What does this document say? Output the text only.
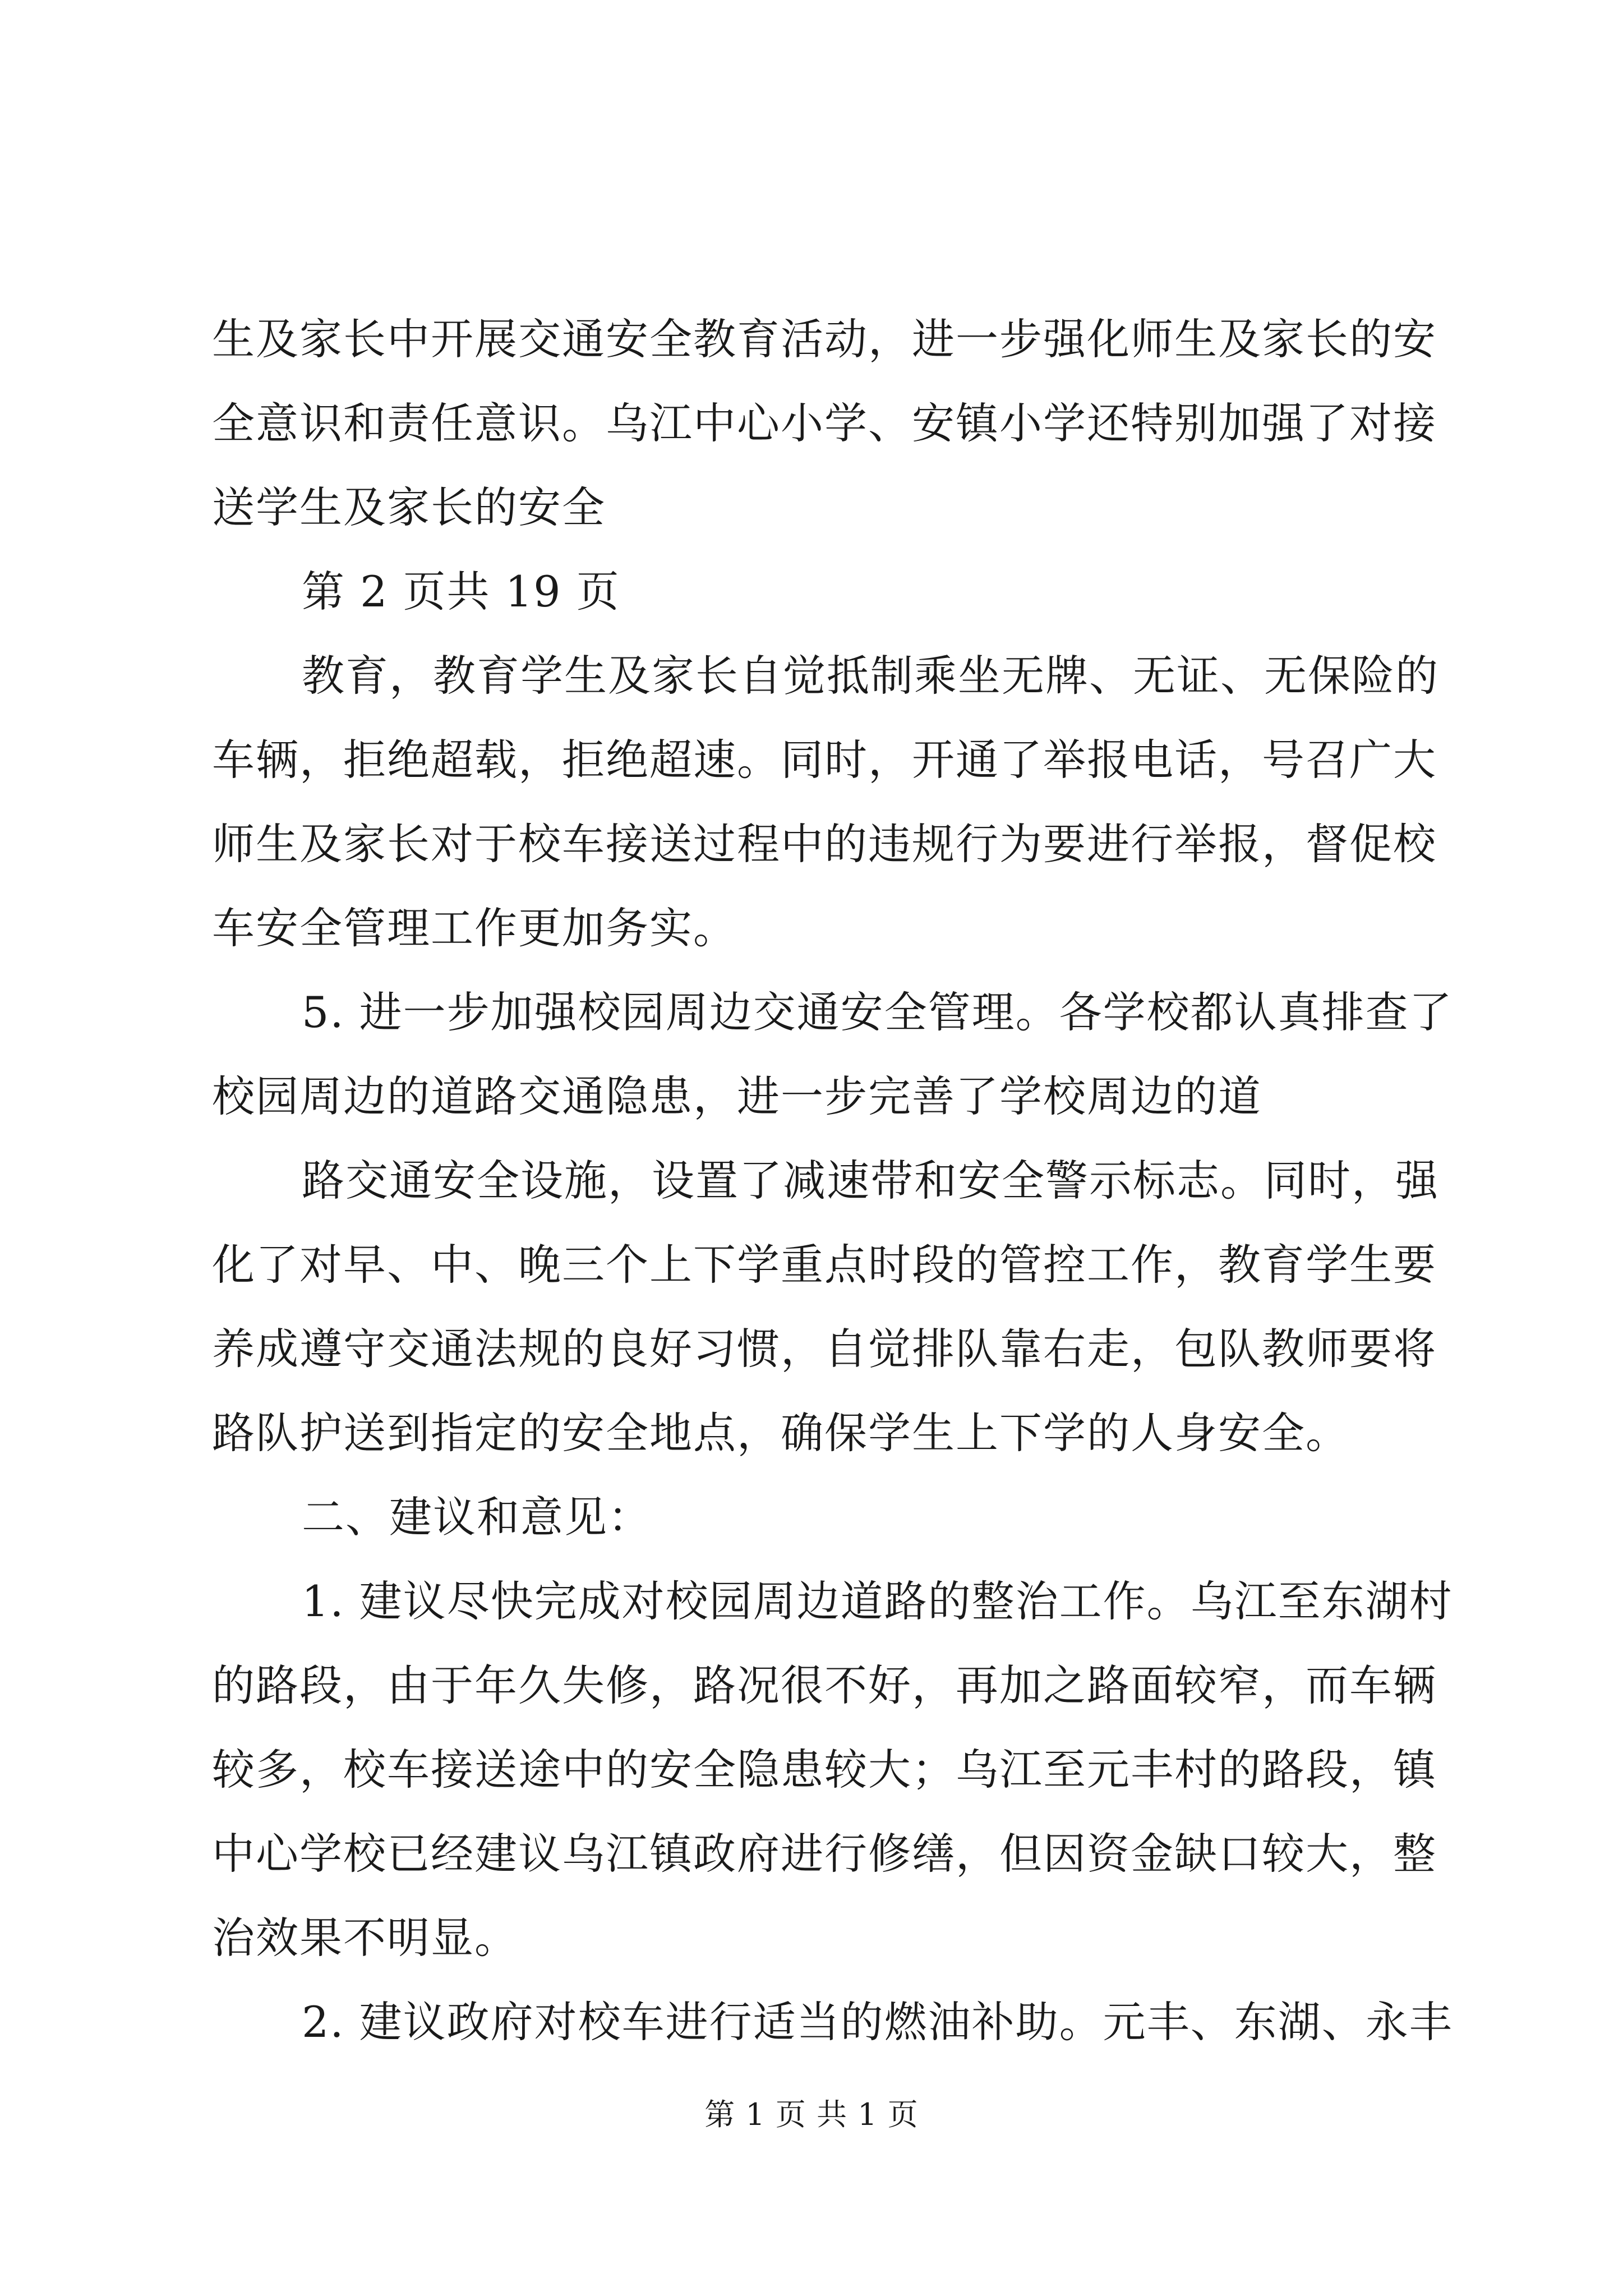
生及家长中开展交通安全教育活动，进一步强化师生及家长的安

全意识和责任意识。乌江中心小学、安镇小学还特别加强了对接

送学生及家长的安全

第 2 页共 19 页

教育，教育学生及家长自觉抵制乘坐无牌、无证、无保险的

车辆，拒绝超载，拒绝超速。同时，开通了举报电话，号召广大

师生及家长对于校车接送过程中的违规行为要进行举报，督促校

车安全管理工作更加务实。

5. 进一步加强校园周边交通安全管理。各学校都认真排查了

校园周边的道路交通隐患，进一步完善了学校周边的道

路交通安全设施，设置了减速带和安全警示标志。同时，强

化了对早、中、晚三个上下学重点时段的管控工作，教育学生要

养成遵守交通法规的良好习惯，自觉排队靠右走，包队教师要将

路队护送到指定的安全地点，确保学生上下学的人身安全。

二、建议和意见：

1. 建议尽快完成对校园周边道路的整治工作。乌江至东湖村

的路段，由于年久失修，路况很不好，再加之路面较窄，而车辆

较多，校车接送途中的安全隐患较大；乌江至元丰村的路段，镇

中心学校已经建议乌江镇政府进行修缮，但因资金缺口较大，整

治效果不明显。

2. 建议政府对校车进行适当的燃油补助。元丰、东湖、永丰

第 1 页 共 1 页
